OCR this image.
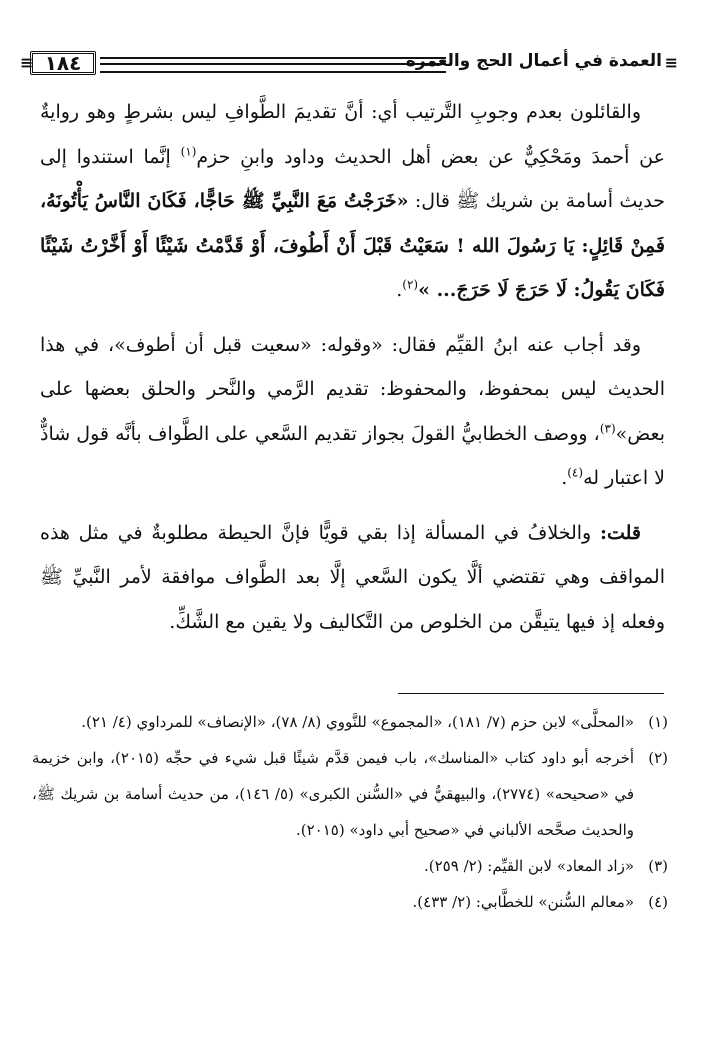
≡ ١٨٤	العمدة في أعمال الحج والعمرة ≡

والقائلون بعدم وجوبِ التَّرتيب أي: أنَّ تقديمَ الطَّوافِ ليس بشرطٍ وهو روايةٌ عن أحمدَ ومَحْكِيٌّ عن بعض أهل الحديث وداود وابنِ حزم$^{(١)}$ إنَّما استندوا إلى حديث أسامة بن شريك ﷺ قال: «خَرَجْتُ مَعَ النَّبِيِّ ﷺ حَاجًّا، فَكَانَ النَّاسُ يَأْتُونَهُ، فَمِنْ قَائِلٍ: يَا رَسُولَ الله ! سَعَيْتُ قَبْلَ أَنْ أَطُوفَ، أَوْ قَدَّمْتُ شَيْئًا أَوْ أَخَّرْتُ شَيْئًا فَكَانَ يَقُولُ: لَا حَرَجَ لَا حَرَجَ... »$^{(٢)}$.

وقد أجاب عنه ابنُ القيِّم فقال: «وقوله: «سعيت قبل أن أطوف»، في هذا الحديث ليس بمحفوظ، والمحفوظ: تقديم الرَّمي والنَّحر والحلق بعضها على بعض»$^{(٣)}$، ووصف الخطابيُّ القولَ بجواز تقديم السَّعي على الطَّواف بأنَّه قول شاذٌّ لا اعتبار له$^{(٤)}$.

قلت: والخلافُ في المسألة إذا بقي قويًّا فإنَّ الحيطة مطلوبةٌ في مثل هذه المواقف وهي تقتضي ألَّا يكون السَّعي إلَّا بعد الطَّواف موافقة لأمر النَّبيِّ ﷺ وفعله إذ فيها يتيقَّن من الخلوص من التَّكاليف ولا يقين مع الشَّكِّ.

(١)
«المحلَّى» لابن حزم (٧/ ١٨١)، «المجموع» للنَّووي (٨/ ٧٨)، «الإنصاف» للمرداوي (٤/ ٢١).
(٢)
أخرجه أبو داود كتاب «المناسك»، باب فيمن قدَّم شيئًا قبل شيء في حجِّه (٢٠١٥)، وابن خزيمة في «صحيحه» (٢٧٧٤)، والبيهقيُّ في «السُّنن الكبرى» (٥/ ١٤٦)، من حديث أسامة بن شريك ﷺ، والحديث صحَّحه الألباني في «صحيح أبي داود» (٢٠١٥).
(٣)
«زاد المعاد» لابن القيِّم: (٢/ ٢٥٩).
(٤)
«معالم السُّنن» للخطَّابي: (٢/ ٤٣٣).
